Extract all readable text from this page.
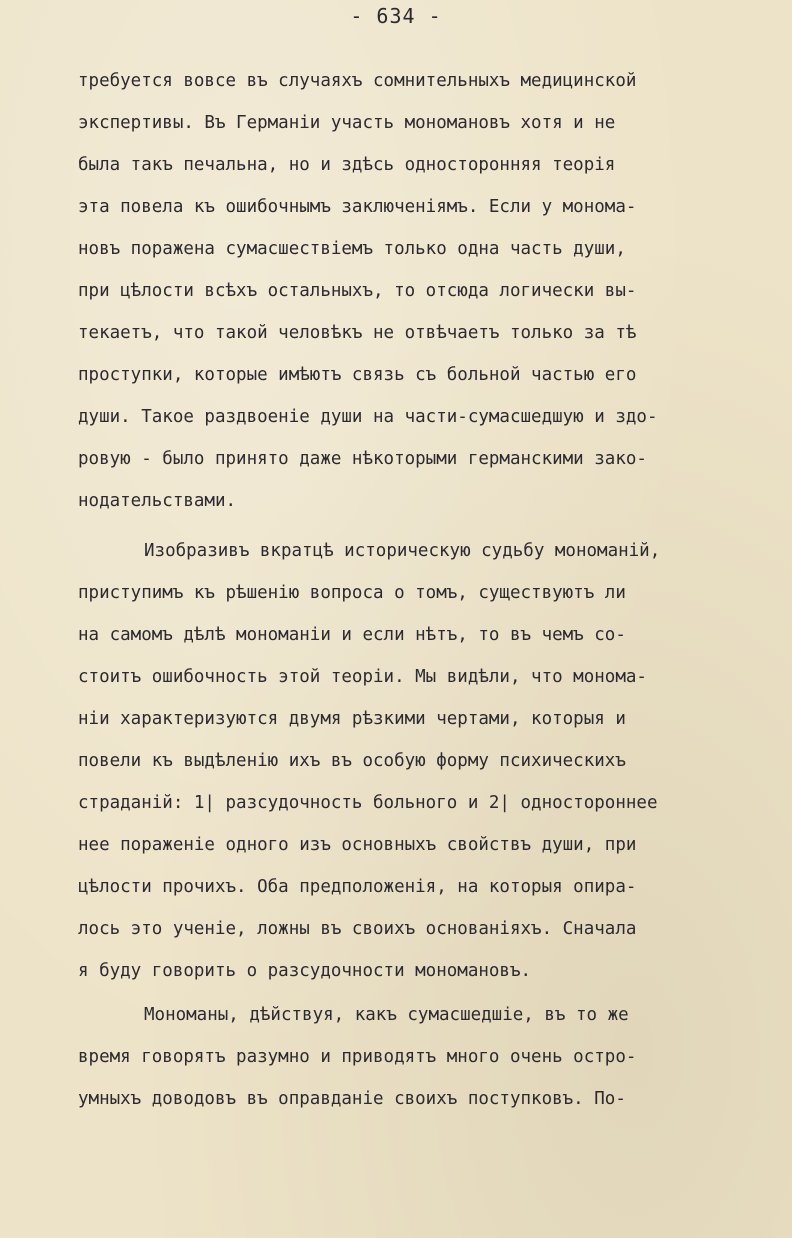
- 634 -
требуется вовсе въ случаяхъ сомнительныхъ медицинской
экспертивы. Въ Германіи участь мономановъ хотя и не
была такъ печальна, но и здѣсь односторонняя теорія
эта повела къ ошибочнымъ заключеніямъ. Если у монома-
новъ поражена сумасшествіемъ только одна часть души,
при цѣлости всѣхъ остальныхъ, то отсюда логически вы-
текаетъ, что такой человѣкъ не отвѣчаетъ только за тѣ
проступки, которые имѣютъ связь съ больной частью его
души. Такое раздвоеніе души на части-сумасшедшую и здо-
ровую - было принято даже нѣкоторыми германскими зако-
нодательствами.
Изобразивъ вкратцѣ историческую судьбу мономаній,
приступимъ къ рѣшенію вопроса о томъ, существуютъ ли
на самомъ дѣлѣ мономаніи и если нѣтъ, то въ чемъ со-
стоитъ ошибочность этой теоріи. Мы видѣли, что монома-
ніи характеризуются двумя рѣзкими чертами, которыя и
повели къ выдѣленію ихъ въ особую форму психическихъ
страданій: 1| разсудочность больного и 2| одностороннее
нее пораженіе одного изъ основныхъ свойствъ души, при
цѣлости прочихъ. Оба предположенія, на которыя опира-
лось это ученіе, ложны въ своихъ основаніяхъ. Сначала
я буду говорить о разсудочности мономановъ.
Мономаны, дѣйствуя, какъ сумасшедшіе, въ то же
время говорятъ разумно и приводятъ много очень остро-
умныхъ доводовъ въ оправданіе своихъ поступковъ. По-
